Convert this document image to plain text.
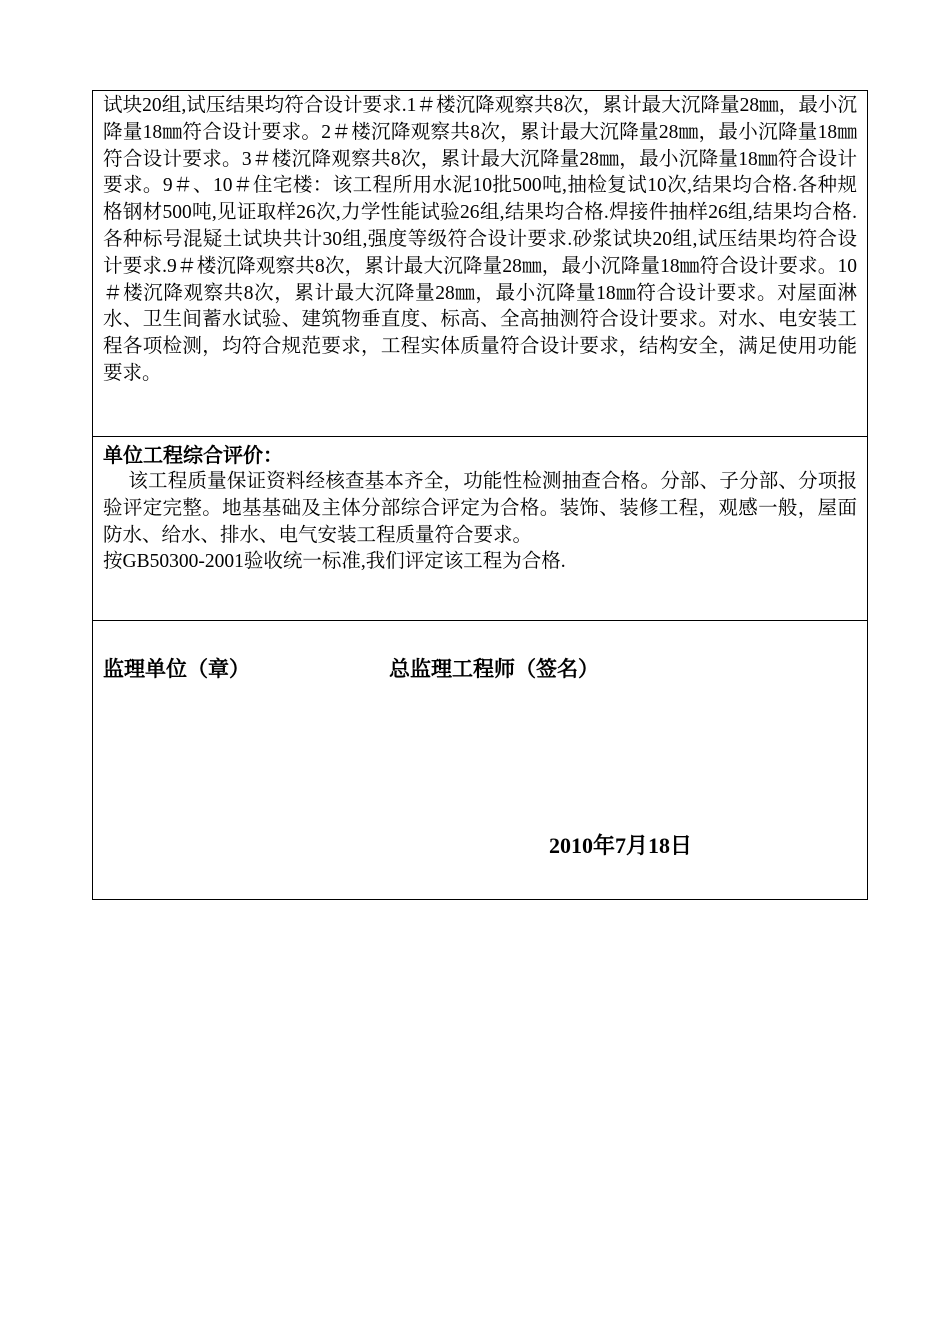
试块20组,试压结果均符合设计要求.1＃楼沉降观察共8次，累计最大沉降量28㎜，最小沉降量18㎜符合设计要求。2＃楼沉降观察共8次，累计最大沉降量28㎜，最小沉降量18㎜符合设计要求。3＃楼沉降观察共8次，累计最大沉降量28㎜，最小沉降量18㎜符合设计要求。9＃、10＃住宅楼：该工程所用水泥10批500吨,抽检复试10次,结果均合格.各种规格钢材500吨,见证取样26次,力学性能试验26组,结果均合格.焊接件抽样26组,结果均合格.各种标号混疑土试块共计30组,强度等级符合设计要求.砂浆试块20组,试压结果均符合设计要求.9＃楼沉降观察共8次，累计最大沉降量28㎜，最小沉降量18㎜符合设计要求。10＃楼沉降观察共8次，累计最大沉降量28㎜，最小沉降量18㎜符合设计要求。对屋面淋水、卫生间蓄水试验、建筑物垂直度、标高、全高抽测符合设计要求。对水、电安装工程各项检测，均符合规范要求，工程实体质量符合设计要求，结构安全，满足使用功能要求。

单位工程综合评价：

该工程质量保证资料经核查基本齐全，功能性检测抽查合格。分部、子分部、分项报验评定完整。地基基础及主体分部综合评定为合格。装饰、装修工程，观感一般，屋面防水、给水、排水、电气安装工程质量符合要求。

按GB50300-2001验收统一标准,我们评定该工程为合格.

监理单位（章）	总监理工程师（签名）
2010年7月18日
